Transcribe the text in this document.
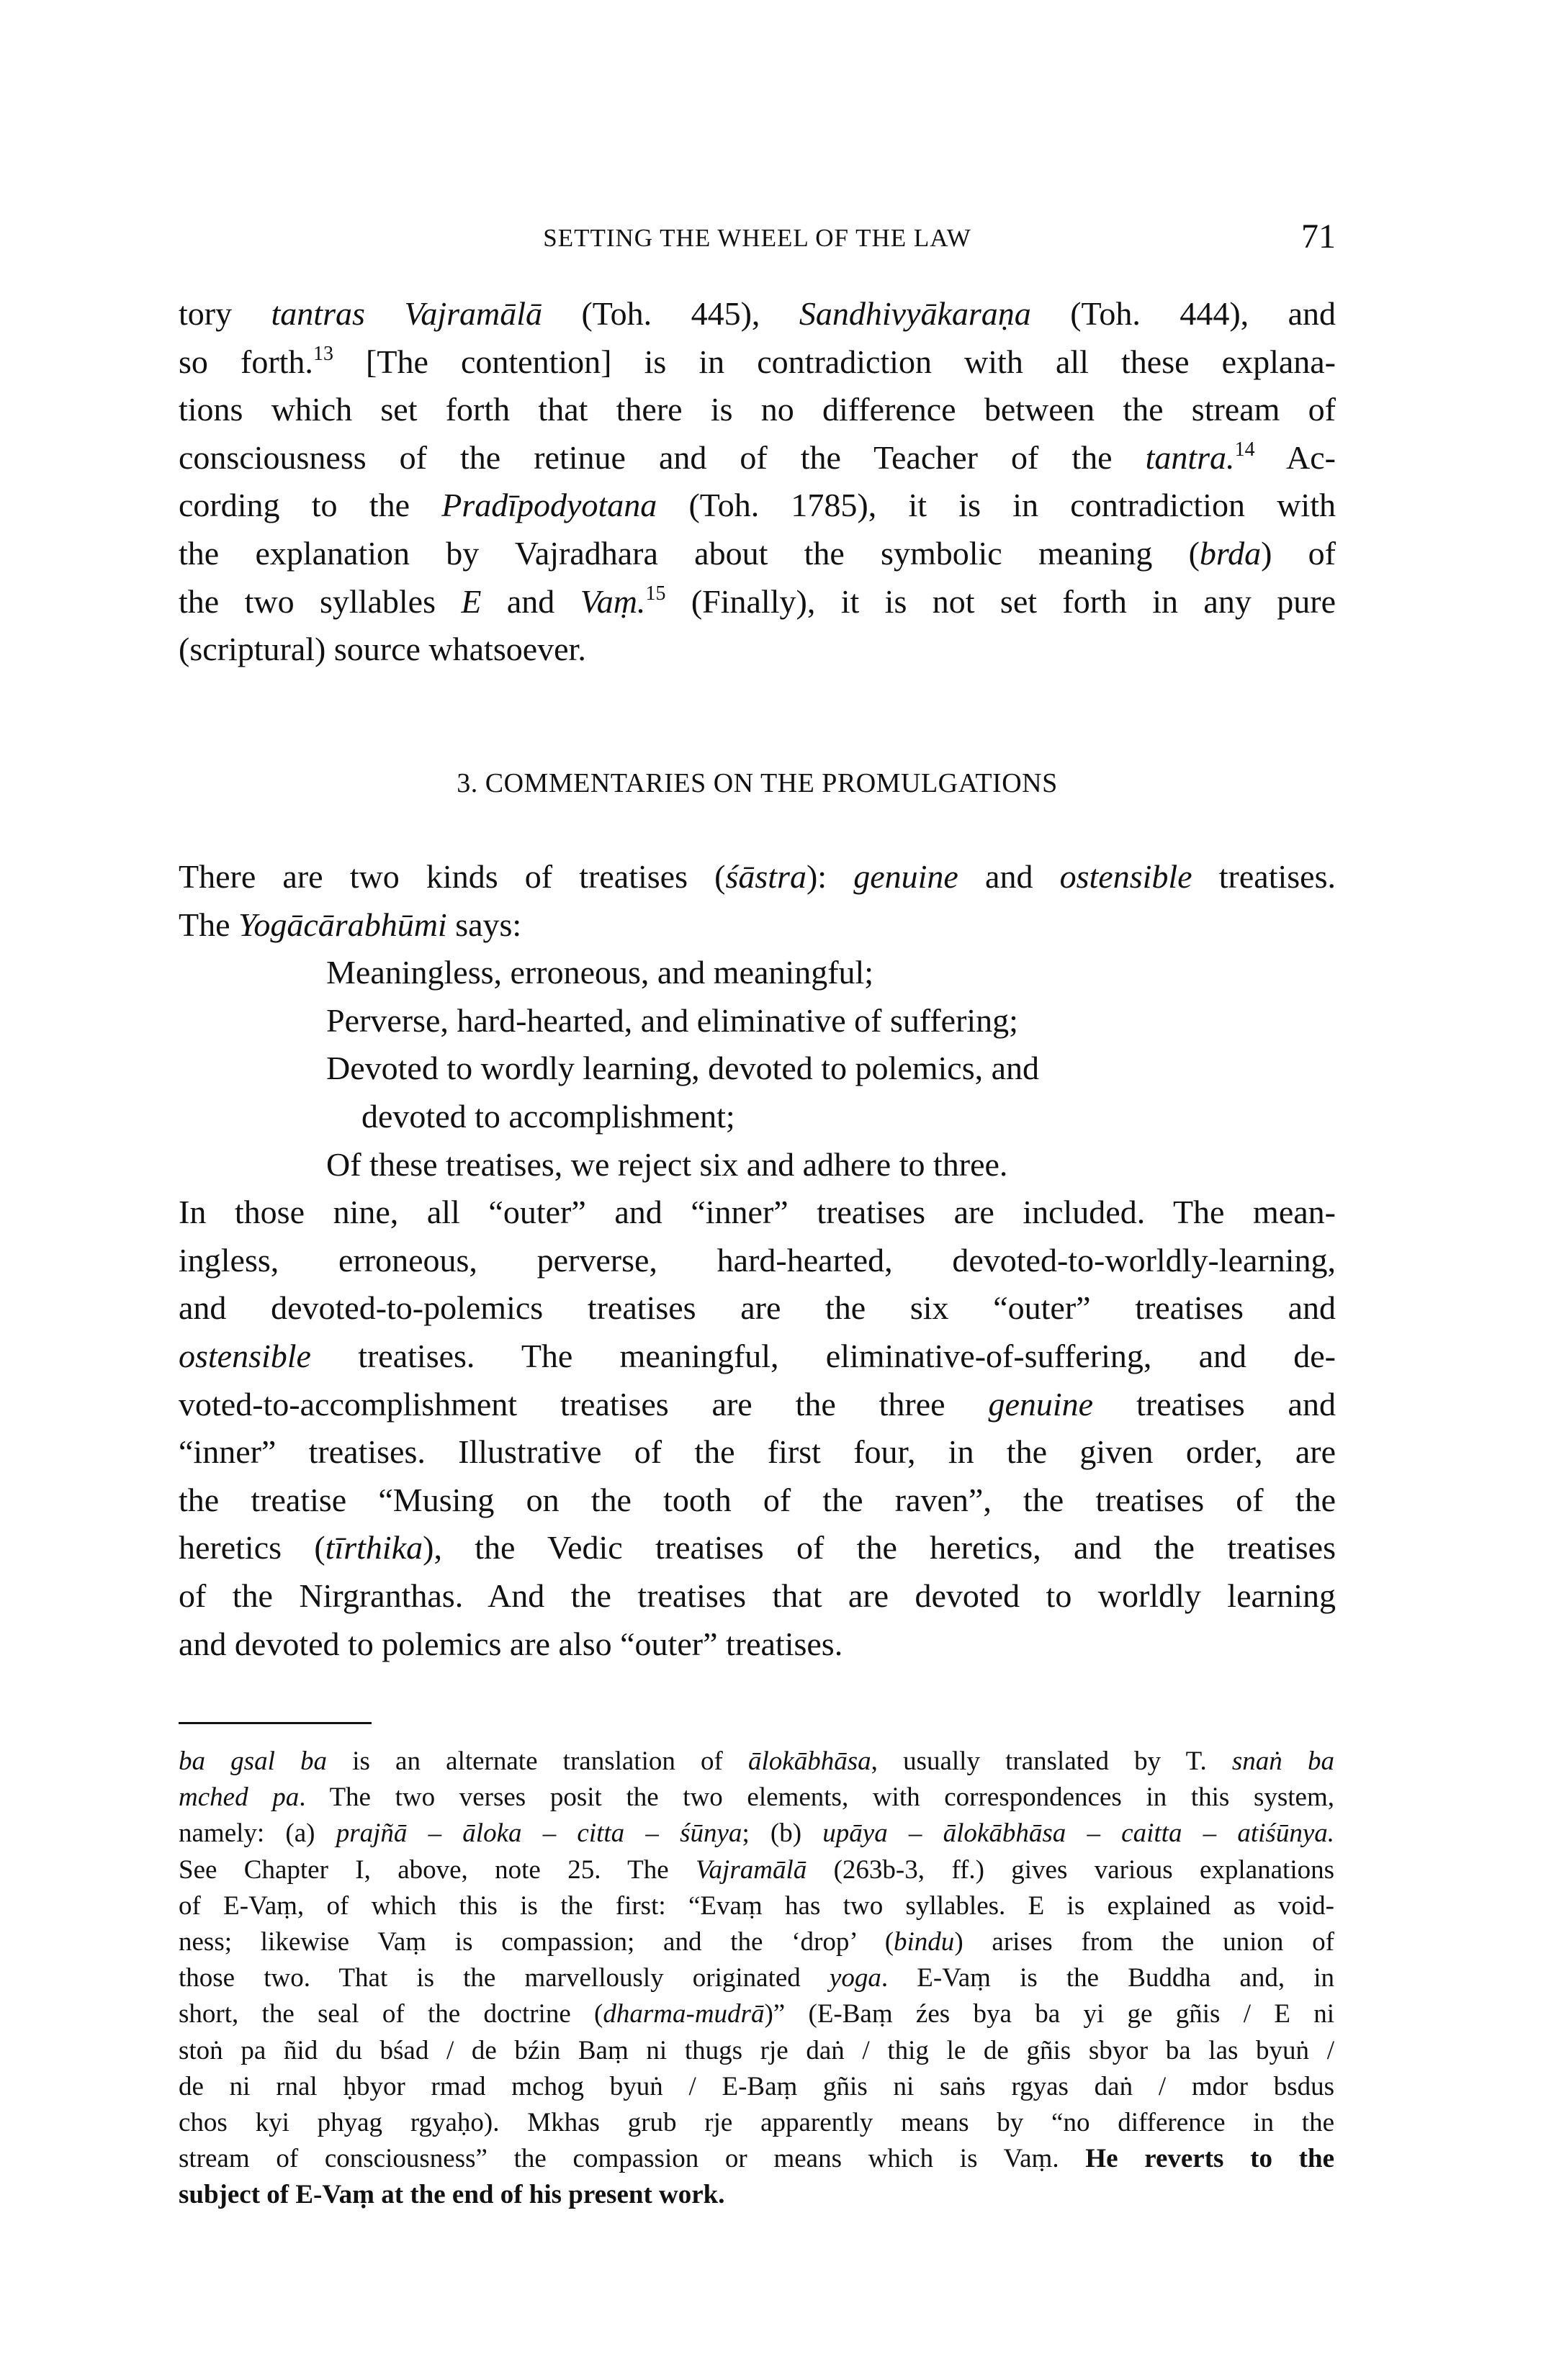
SETTING THE WHEEL OF THE LAW	71
tory tantras Vajramālā (Toh. 445), Sandhivyākaraṇa (Toh. 444), and
so forth.$^{13}$ [The contention] is in contradiction with all these explana-
tions which set forth that there is no difference between the stream of
consciousness of the retinue and of the Teacher of the tantra.$^{14}$ Ac-
cording to the Pradīpodyotana (Toh. 1785), it is in contradiction with
the explanation by Vajradhara about the symbolic meaning (brda) of
the two syllables E and Vaṃ.$^{15}$ (Finally), it is not set forth in any pure
(scriptural) source whatsoever.
3. COMMENTARIES ON THE PROMULGATIONS
There are two kinds of treatises (śāstra): genuine and ostensible treatises.
The Yogācārabhūmi says:
Meaningless, erroneous, and meaningful;
Perverse, hard-hearted, and eliminative of suffering;
Devoted to wordly learning, devoted to polemics, and
devoted to accomplishment;
Of these treatises, we reject six and adhere to three.
In those nine, all “outer” and “inner” treatises are included. The mean-
ingless, erroneous, perverse, hard-hearted, devoted-to-worldly-learning,
and devoted-to-polemics treatises are the six “outer” treatises and
ostensible treatises. The meaningful, eliminative-of-suffering, and de-
voted-to-accomplishment treatises are the three genuine treatises and
“inner” treatises. Illustrative of the first four, in the given order, are
the treatise “Musing on the tooth of the raven”, the treatises of the
heretics (tīrthika), the Vedic treatises of the heretics, and the treatises
of the Nirgranthas. And the treatises that are devoted to worldly learning
and devoted to polemics are also “outer” treatises.
ba gsal ba is an alternate translation of ālokābhāsa, usually translated by T. snaṅ ba
mched pa. The two verses posit the two elements, with correspondences in this system,
namely: (a) prajñā – āloka – citta – śūnya; (b) upāya – ālokābhāsa – caitta – atiśūnya.
See Chapter I, above, note 25. The Vajramālā (263b-3, ff.) gives various explanations
of E-Vaṃ, of which this is the first: “Evaṃ has two syllables. E is explained as void-
ness; likewise Vaṃ is compassion; and the ‘drop’ (bindu) arises from the union of
those two. That is the marvellously originated yoga. E-Vaṃ is the Buddha and, in
short, the seal of the doctrine (dharma-mudrā)” (E-Baṃ źes bya ba yi ge gñis / E ni
stoṅ pa ñid du bśad / de bźin Baṃ ni thugs rje daṅ / thig le de gñis sbyor ba las byuṅ /
de ni rnal ḥbyor rmad mchog byuṅ / E-Baṃ gñis ni saṅs rgyas daṅ / mdor bsdus
chos kyi phyag rgyaḥo). Mkhas grub rje apparently means by “no difference in the
stream of consciousness” the compassion or means which is Vaṃ. He reverts to the
subject of E-Vaṃ at the end of his present work.
